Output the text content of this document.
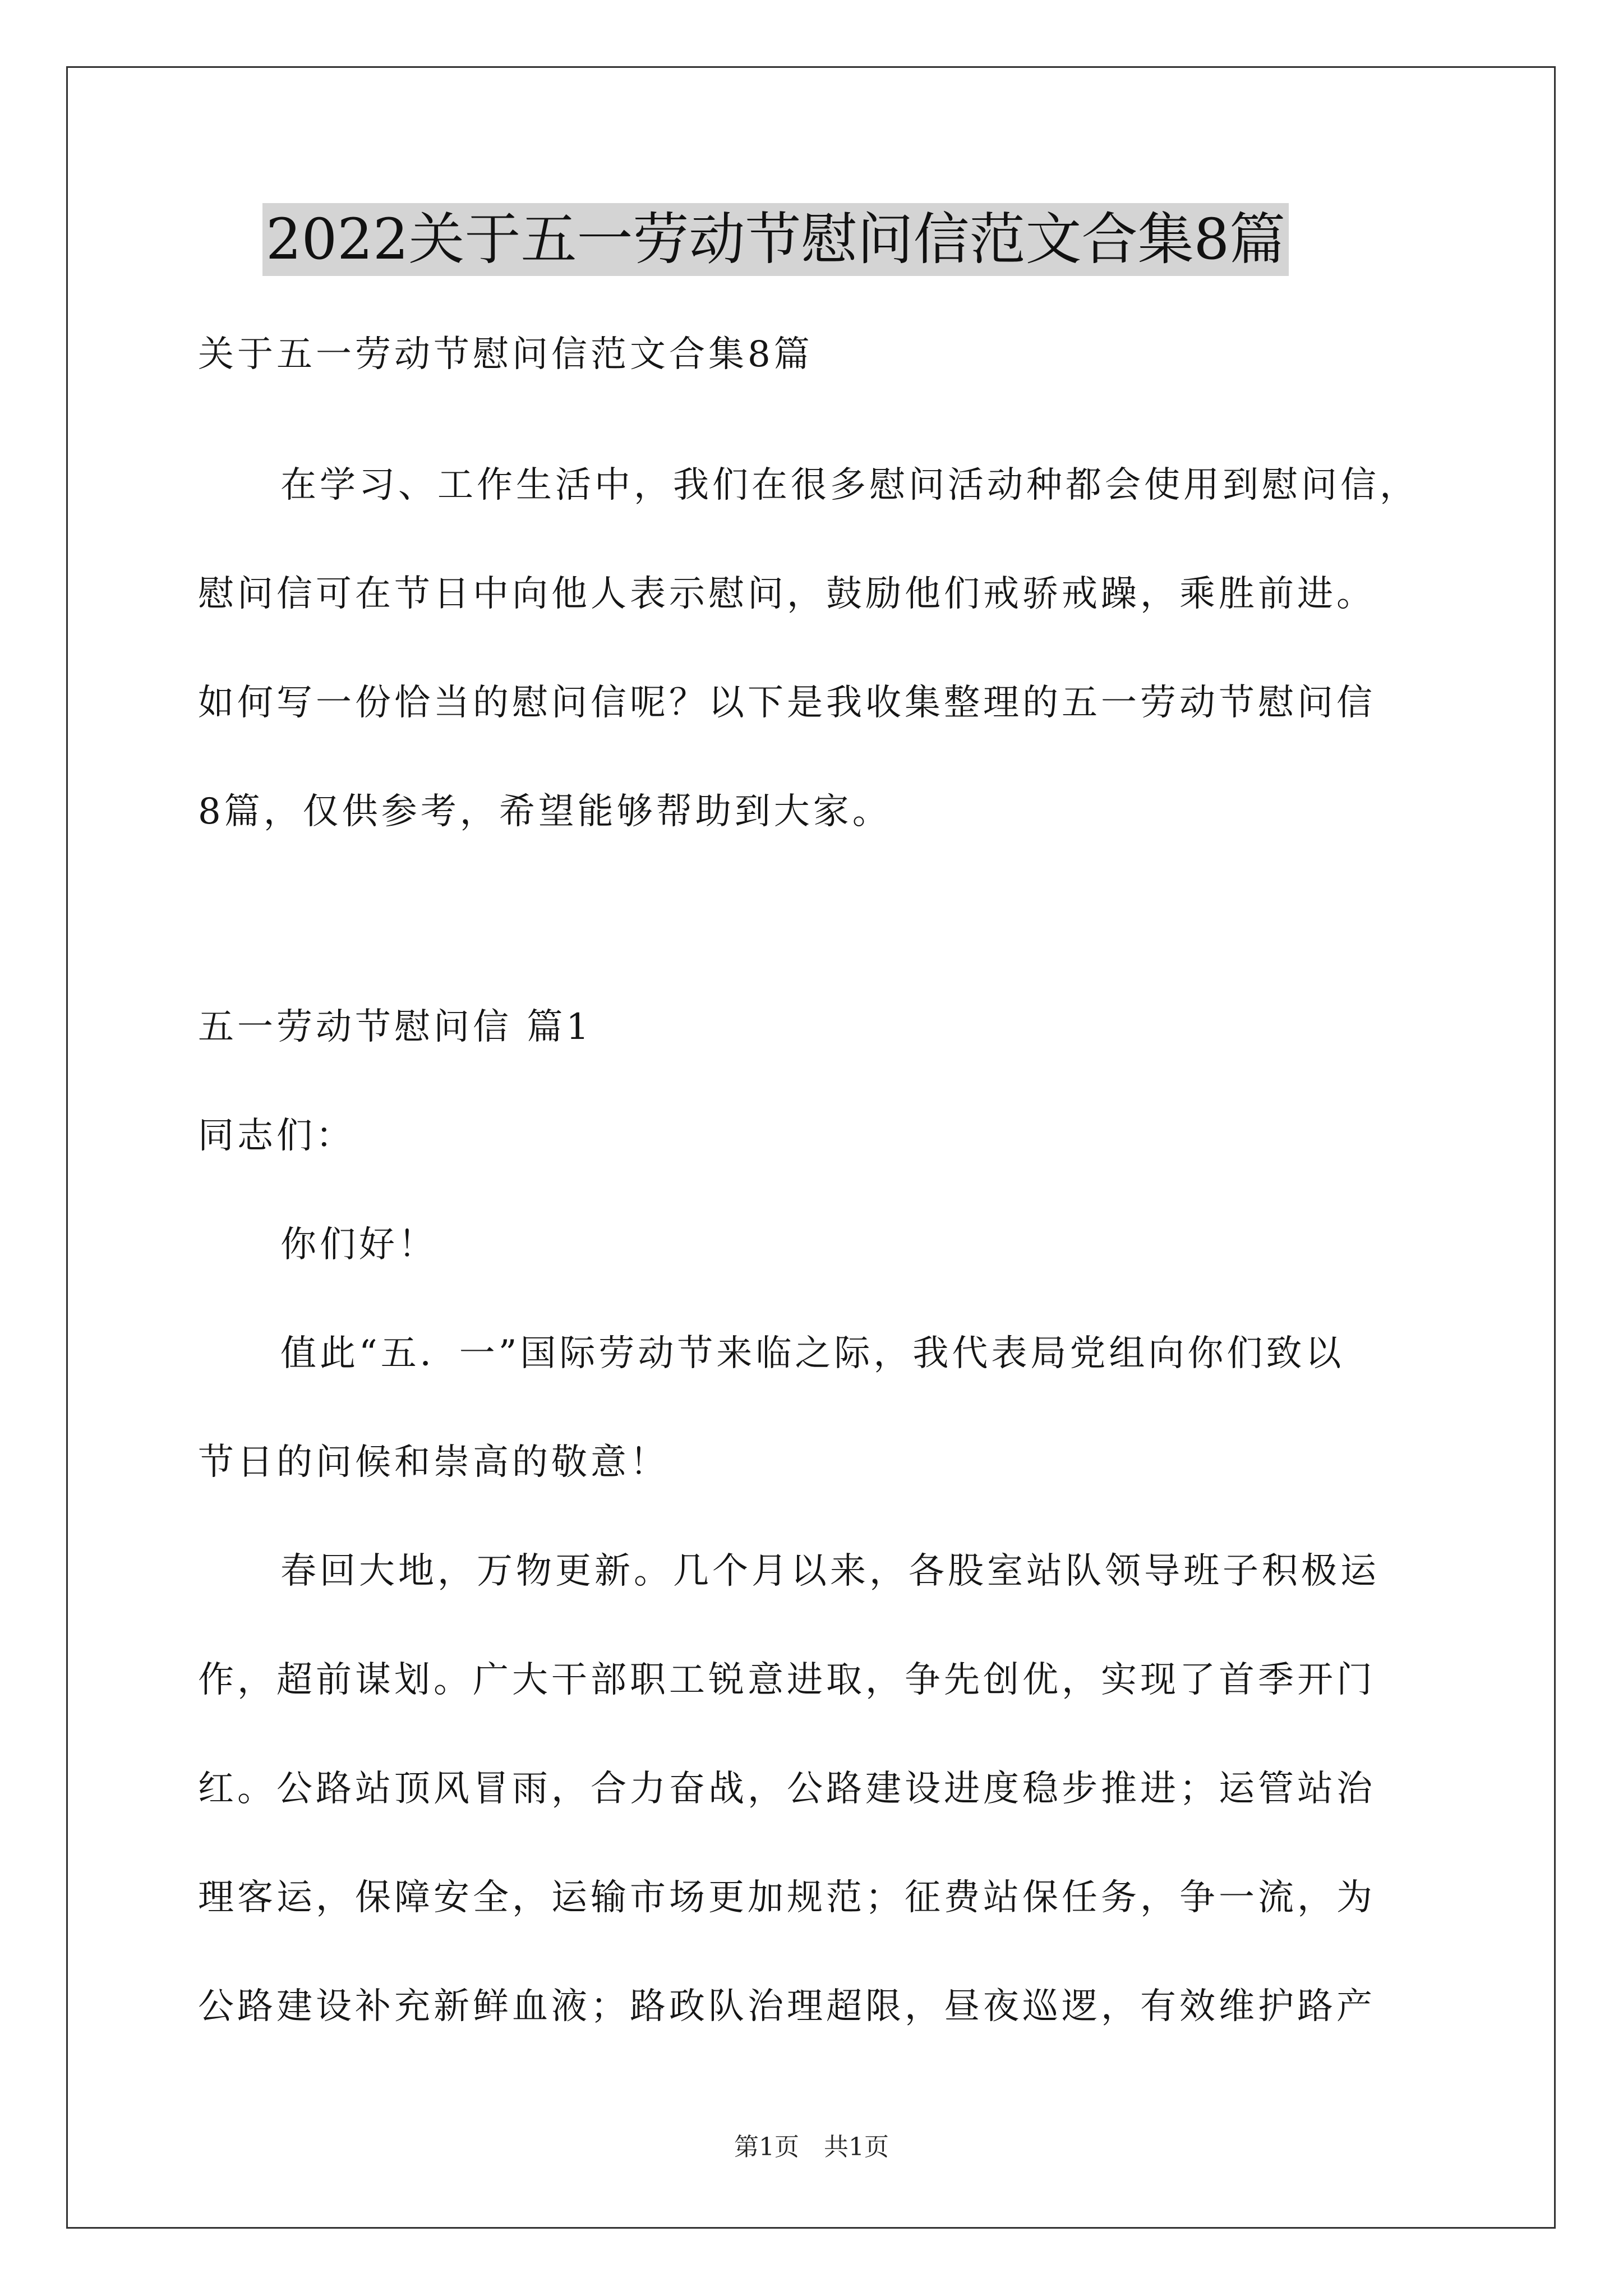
2022关于五一劳动节慰问信范文合集8篇
关于五一劳动节慰问信范文合集8篇
在学习、工作生活中，我们在很多慰问活动种都会使用到慰问信，
慰问信可在节日中向他人表示慰问，鼓励他们戒骄戒躁，乘胜前进。
如何写一份恰当的慰问信呢？以下是我收集整理的五一劳动节慰问信
8篇，仅供参考，希望能够帮助到大家。
五一劳动节慰问信 篇1
同志们：
你们好！
值此“五．一”国际劳动节来临之际，我代表局党组向你们致以
节日的问候和崇高的敬意！
春回大地，万物更新。几个月以来，各股室站队领导班子积极运
作，超前谋划。广大干部职工锐意进取，争先创优，实现了首季开门
红。公路站顶风冒雨，合力奋战，公路建设进度稳步推进；运管站治
理客运，保障安全，运输市场更加规范；征费站保任务，争一流，为
公路建设补充新鲜血液；路政队治理超限，昼夜巡逻，有效维护路产
第1页　共1页
